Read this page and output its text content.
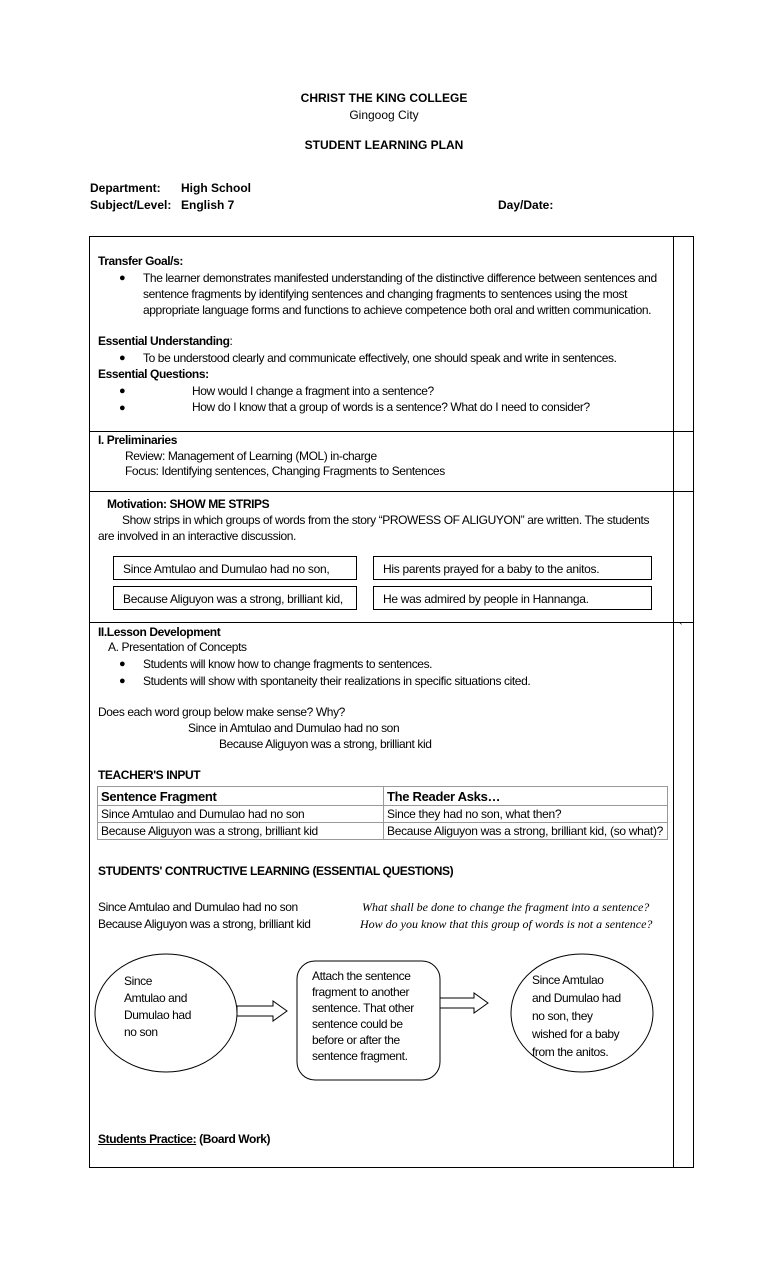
CHRIST THE KING COLLEGE
Gingoog City
STUDENT LEARNING PLAN
Department: High School
Subject/Level: English 7	Day/Date:
Transfer Goal/s:
● The learner demonstrates manifested understanding of the distinctive difference between sentences and
sentence fragments by identifying sentences and changing fragments to sentences using the most
appropriate language forms and functions to achieve competence both oral and written communication.
Essential Understanding:
● To be understood clearly and communicate effectively, one should speak and write in sentences.
Essential Questions:
●	How would I change a fragment into a sentence?
●	How do I know that a group of words is a sentence? What do I need to consider?
I. Preliminaries
Review: Management of Learning (MOL) in-charge
Focus: Identifying sentences, Changing Fragments to Sentences
Motivation: SHOW ME STRIPS
Show strips in which groups of words from the story “PROWESS OF ALIGUYON” are written. The students
are involved in an interactive discussion.
Since Amtulao and Dumulao had no son,	His parents prayed for a baby to the anitos.
Because Aliguyon was a strong, brilliant kid,	He was admired by people in Hannanga.
II.Lesson Development	`
A. Presentation of Concepts
● Students will know how to change fragments to sentences.
● Students will show with spontaneity their realizations in specific situations cited.
Does each word group below make sense? Why?
Since in Amtulao and Dumulao had no son
Because Aliguyon was a strong, brilliant kid
TEACHER'S INPUT
Sentence Fragment	The Reader Asks…
Since Amtulao and Dumulao had no son	Since they had no son, what then?
Because Aliguyon was a strong, brilliant kid	Because Aliguyon was a strong, brilliant kid, (so what)?
STUDENTS' CONTRUCTIVE LEARNING (ESSENTIAL QUESTIONS)
Since Amtulao and Dumulao had no son
Because Aliguyon was a strong, brilliant kid
What shall be done to change the fragment into a sentence?
How do you know that this group of words is not a sentence?
Since
Amtulao and
Dumulao had
no son
Attach the sentence
fragment to another
sentence. That other
sentence could be
before or after the
sentence fragment.
Since Amtulao
and Dumulao had
no son, they
wished for a baby
from the anitos.
Students Practice: (Board Work)
